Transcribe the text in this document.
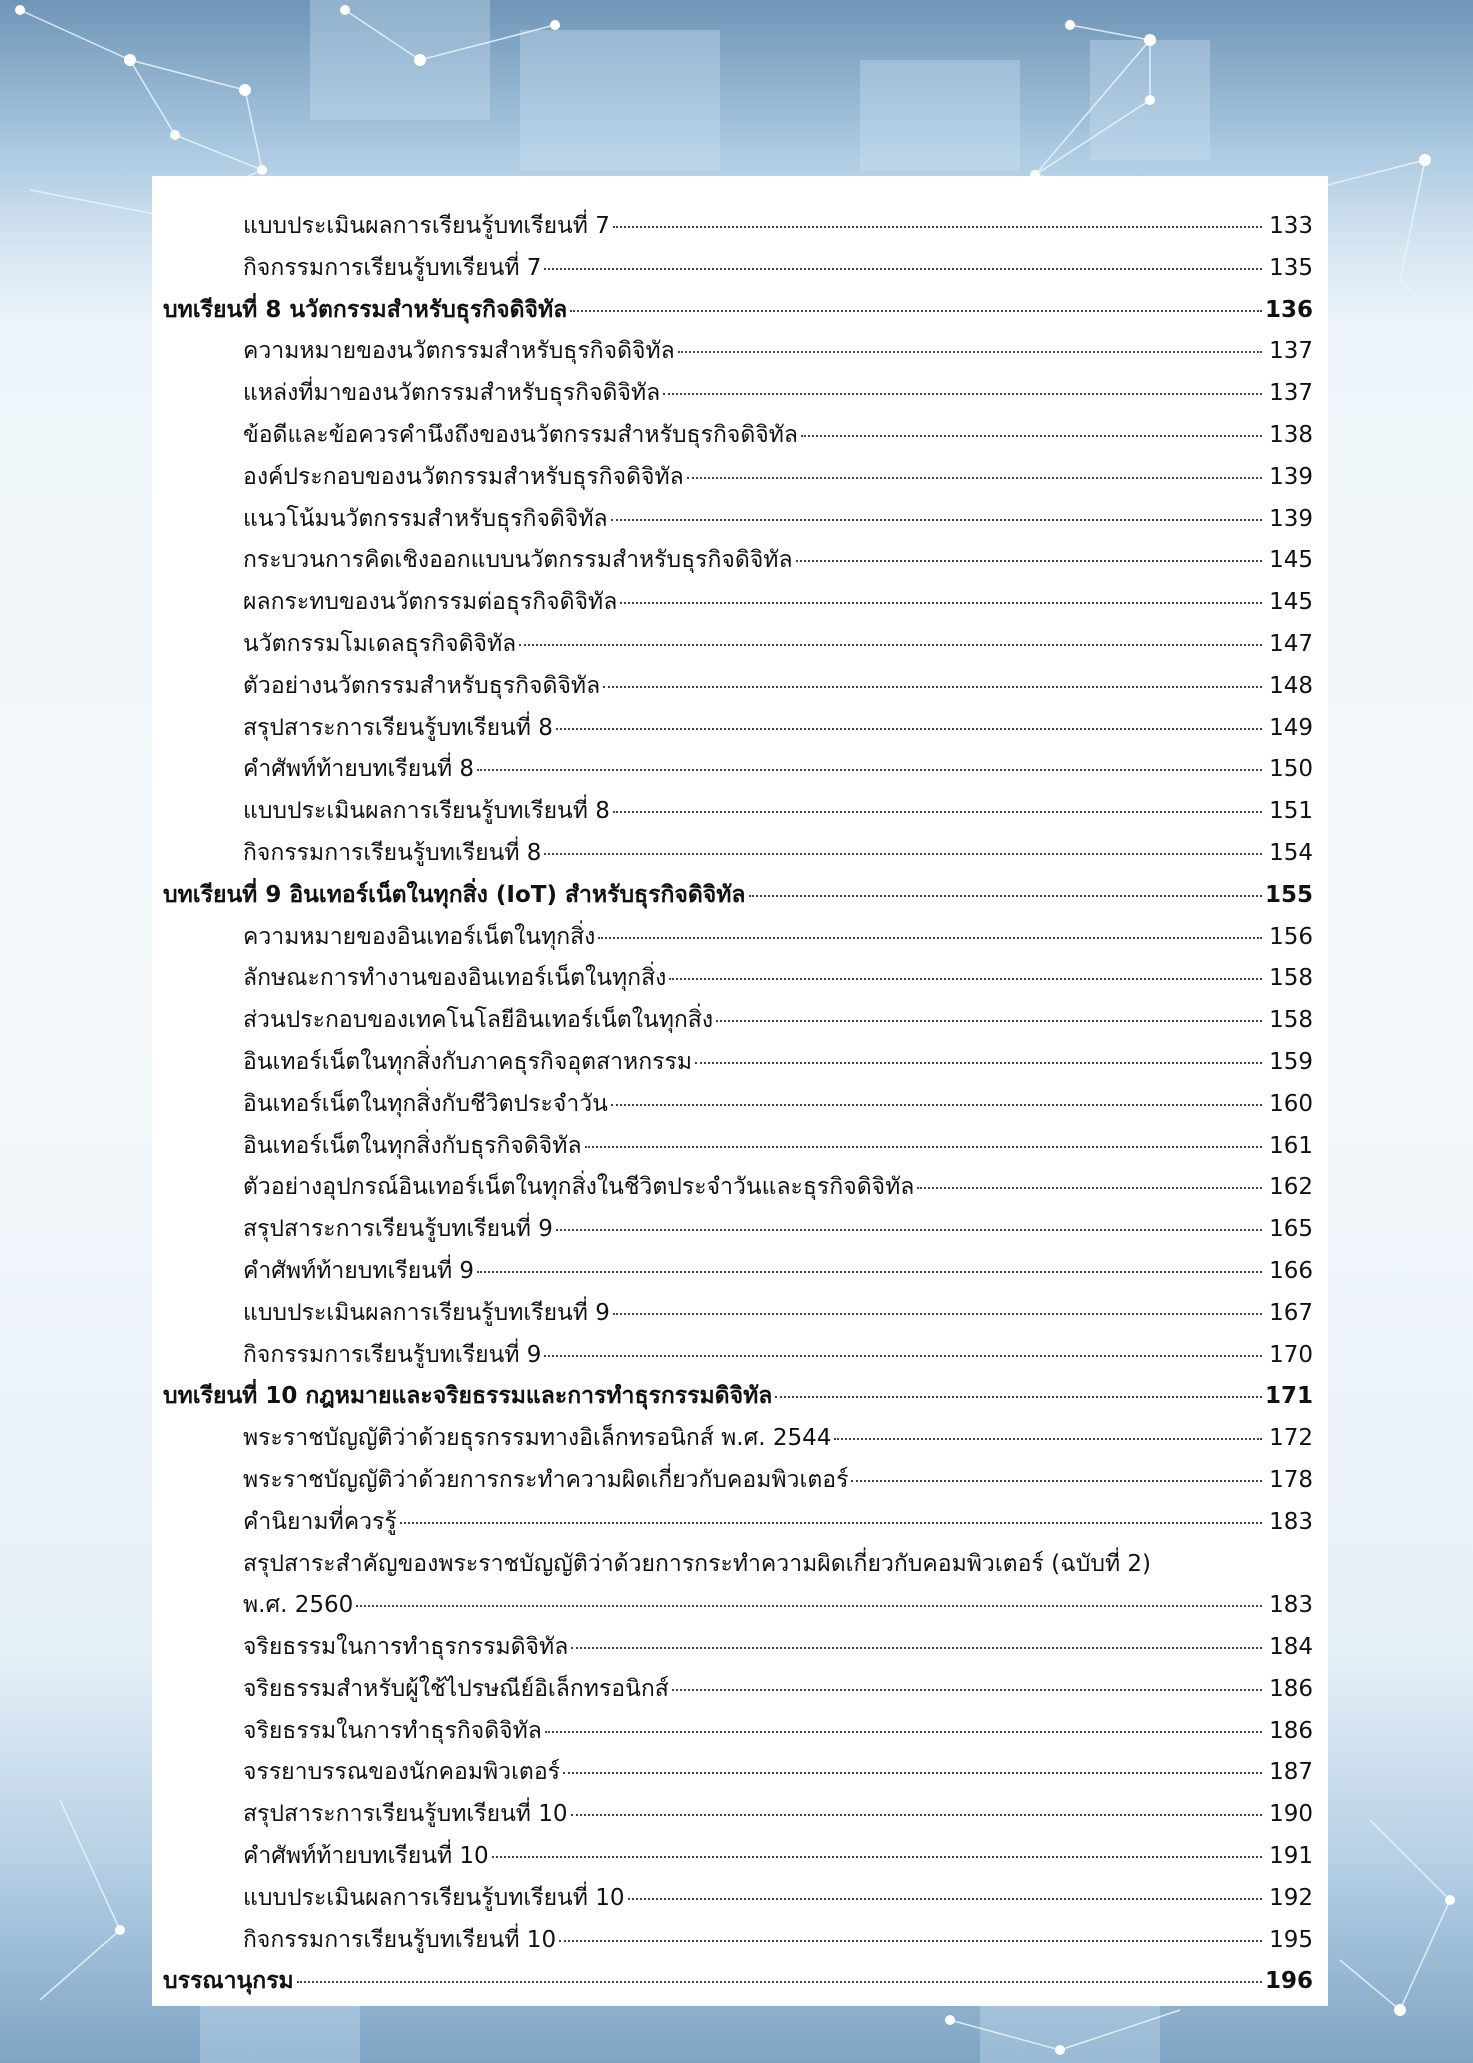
แบบประเมินผลการเรียนรู้บทเรียนที่ 7	133
กิจกรรมการเรียนรู้บทเรียนที่ 7	135
บทเรียนที่ 8 นวัตกรรมสำหรับธุรกิจดิจิทัล	136
ความหมายของนวัตกรรมสำหรับธุรกิจดิจิทัล	137
แหล่งที่มาของนวัตกรรมสำหรับธุรกิจดิจิทัล	137
ข้อดีและข้อควรคำนึงถึงของนวัตกรรมสำหรับธุรกิจดิจิทัล	138
องค์ประกอบของนวัตกรรมสำหรับธุรกิจดิจิทัล	139
แนวโน้มนวัตกรรมสำหรับธุรกิจดิจิทัล	139
กระบวนการคิดเชิงออกแบบนวัตกรรมสำหรับธุรกิจดิจิทัล	145
ผลกระทบของนวัตกรรมต่อธุรกิจดิจิทัล	145
นวัตกรรมโมเดลธุรกิจดิจิทัล	147
ตัวอย่างนวัตกรรมสำหรับธุรกิจดิจิทัล	148
สรุปสาระการเรียนรู้บทเรียนที่ 8	149
คำศัพท์ท้ายบทเรียนที่ 8	150
แบบประเมินผลการเรียนรู้บทเรียนที่ 8	151
กิจกรรมการเรียนรู้บทเรียนที่ 8	154
บทเรียนที่ 9 อินเทอร์เน็ตในทุกสิ่ง (IoT) สำหรับธุรกิจดิจิทัล	155
ความหมายของอินเทอร์เน็ตในทุกสิ่ง	156
ลักษณะการทำงานของอินเทอร์เน็ตในทุกสิ่ง	158
ส่วนประกอบของเทคโนโลยีอินเทอร์เน็ตในทุกสิ่ง	158
อินเทอร์เน็ตในทุกสิ่งกับภาคธุรกิจอุตสาหกรรม	159
อินเทอร์เน็ตในทุกสิ่งกับชีวิตประจำวัน	160
อินเทอร์เน็ตในทุกสิ่งกับธุรกิจดิจิทัล	161
ตัวอย่างอุปกรณ์อินเทอร์เน็ตในทุกสิ่งในชีวิตประจำวันและธุรกิจดิจิทัล	162
สรุปสาระการเรียนรู้บทเรียนที่ 9	165
คำศัพท์ท้ายบทเรียนที่ 9	166
แบบประเมินผลการเรียนรู้บทเรียนที่ 9	167
กิจกรรมการเรียนรู้บทเรียนที่ 9	170
บทเรียนที่ 10 กฎหมายและจริยธรรมและการทำธุรกรรมดิจิทัล	171
พระราชบัญญัติว่าด้วยธุรกรรมทางอิเล็กทรอนิกส์ พ.ศ. 2544	172
พระราชบัญญัติว่าด้วยการกระทำความผิดเกี่ยวกับคอมพิวเตอร์	178
คำนิยามที่ควรรู้	183
สรุปสาระสำคัญของพระราชบัญญัติว่าด้วยการกระทำความผิดเกี่ยวกับคอมพิวเตอร์ (ฉบับที่ 2)
พ.ศ. 2560	183
จริยธรรมในการทำธุรกรรมดิจิทัล	184
จริยธรรมสำหรับผู้ใช้ไปรษณีย์อิเล็กทรอนิกส์	186
จริยธรรมในการทำธุรกิจดิจิทัล	186
จรรยาบรรณของนักคอมพิวเตอร์	187
สรุปสาระการเรียนรู้บทเรียนที่ 10	190
คำศัพท์ท้ายบทเรียนที่ 10	191
แบบประเมินผลการเรียนรู้บทเรียนที่ 10	192
กิจกรรมการเรียนรู้บทเรียนที่ 10	195
บรรณานุกรม	196
